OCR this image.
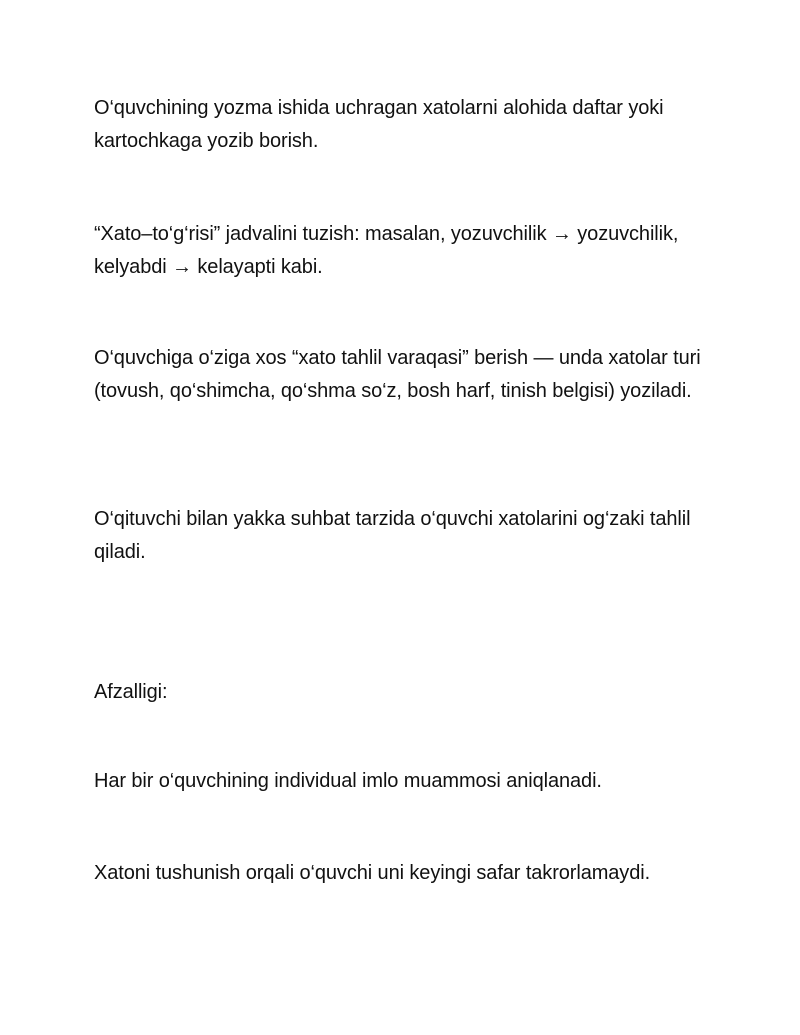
O‘quvchining yozma ishida uchragan xatolarni alohida daftar yoki kartochkaga yozib borish.

“Xato–to‘g‘risi” jadvalini tuzish: masalan, yozuvchilik → yozuvchilik, kelyabdi → kelayapti kabi.

O‘quvchiga o‘ziga xos “xato tahlil varaqasi” berish — unda xatolar turi (tovush, qo‘shimcha, qo‘shma so‘z, bosh harf, tinish belgisi) yoziladi.

O‘qituvchi bilan yakka suhbat tarzida o‘quvchi xatolarini og‘zaki tahlil qiladi.

Afzalligi:

Har bir o‘quvchining individual imlo muammosi aniqlanadi.

Xatoni tushunish orqali o‘quvchi uni keyingi safar takrorlamaydi.
